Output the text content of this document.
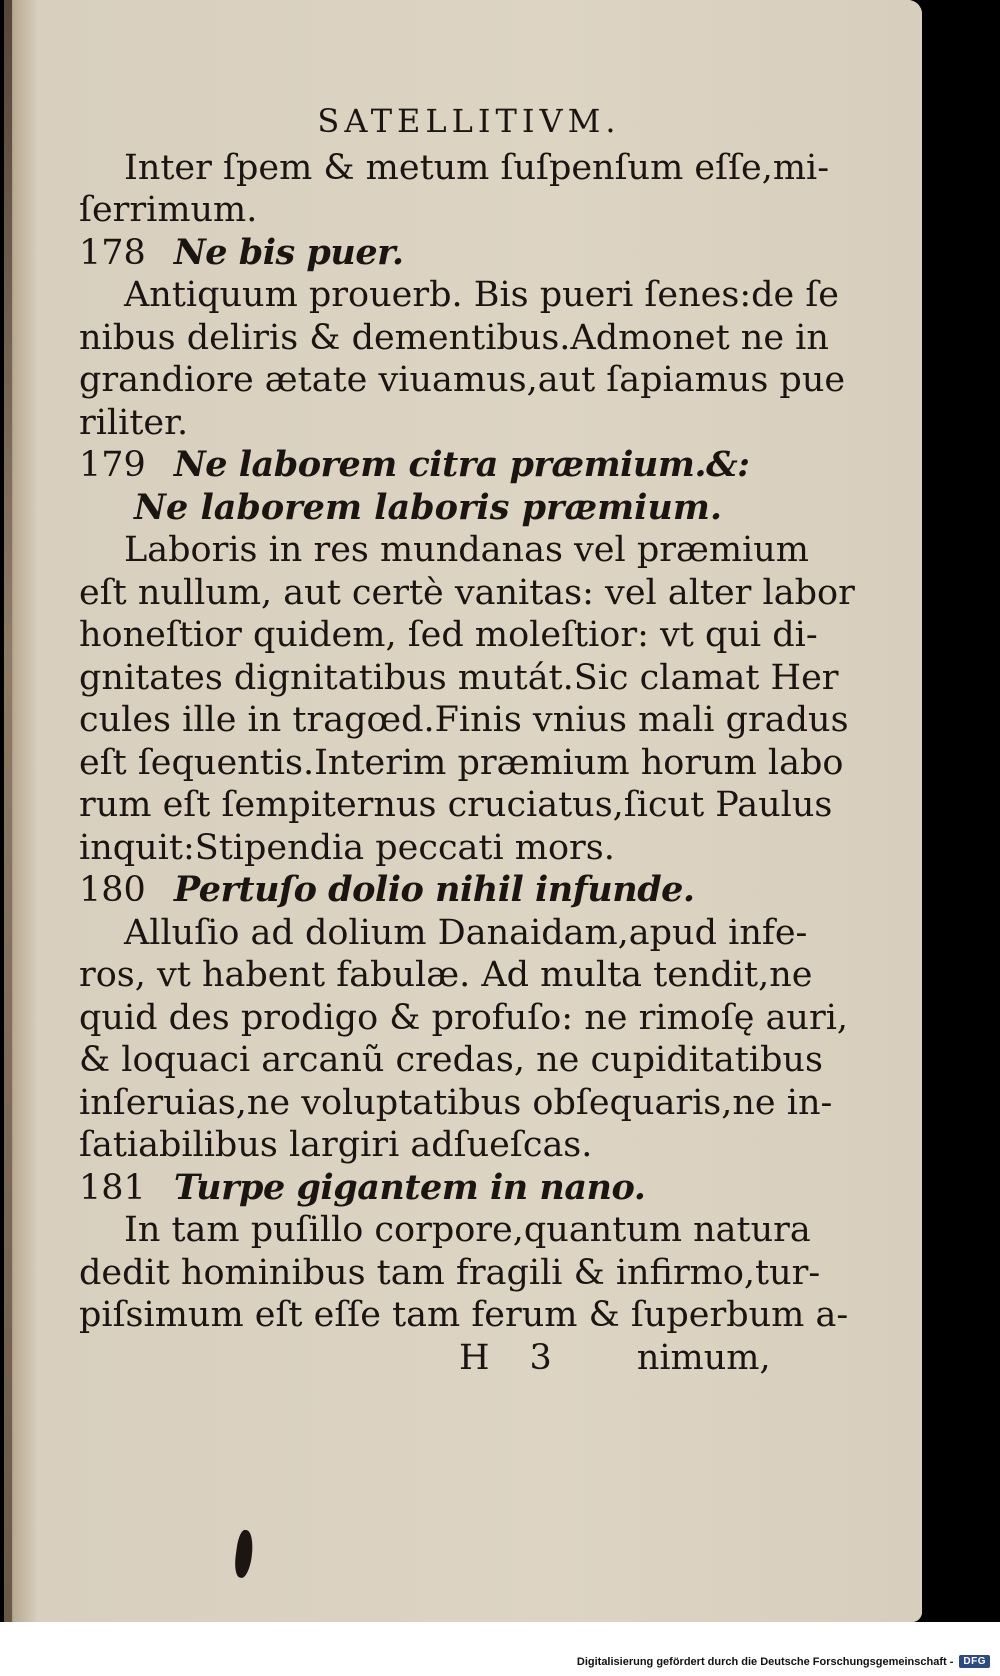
SATELLITIVM.
Inter ſpem & metum ſuſpenſum eſſe,mi-
ſerrimum.
178 Ne bis puer.
Antiquum prouerb. Bis pueri ſenes:de ſe
nibus deliris & dementibus.Admonet ne in
grandiore ætate viuamus,aut ſapiamus pue
riliter.
179 Ne laborem citra præmium.&:
Ne laborem laboris præmium.
Laboris in res mundanas vel præmium
eſt nullum, aut certè vanitas: vel alter labor
honeſtior quidem, ſed moleſtior: vt qui di-
gnitates dignitatibus mutát.Sic clamat Her
cules ille in tragœd.Finis vnius mali gradus
eſt ſequentis.Interim præmium horum labo
rum eſt ſempiternus cruciatus,ſicut Paulus
inquit:Stipendia peccati mors.
180 Pertuſo dolio nihil infunde.
Alluſio ad dolium Danaidam,apud infe-
ros, vt habent fabulæ. Ad multa tendit,ne
quid des prodigo & profuſo: ne rimoſę auri,
& loquaci arcanũ credas, ne cupiditatibus
inſeruias,ne voluptatibus obſequaris,ne in-
ſatiabilibus largiri adſueſcas.
181 Turpe gigantem in nano.
In tam puſillo corpore,quantum natura
dedit hominibus tam fragili & infirmo,tur-
piſsimum eſt eſſe tam ferum & ſuperbum a-
H 3 nimum,
Digitalisierung gefördert durch die Deutsche Forschungsgemeinschaft -	DFG
